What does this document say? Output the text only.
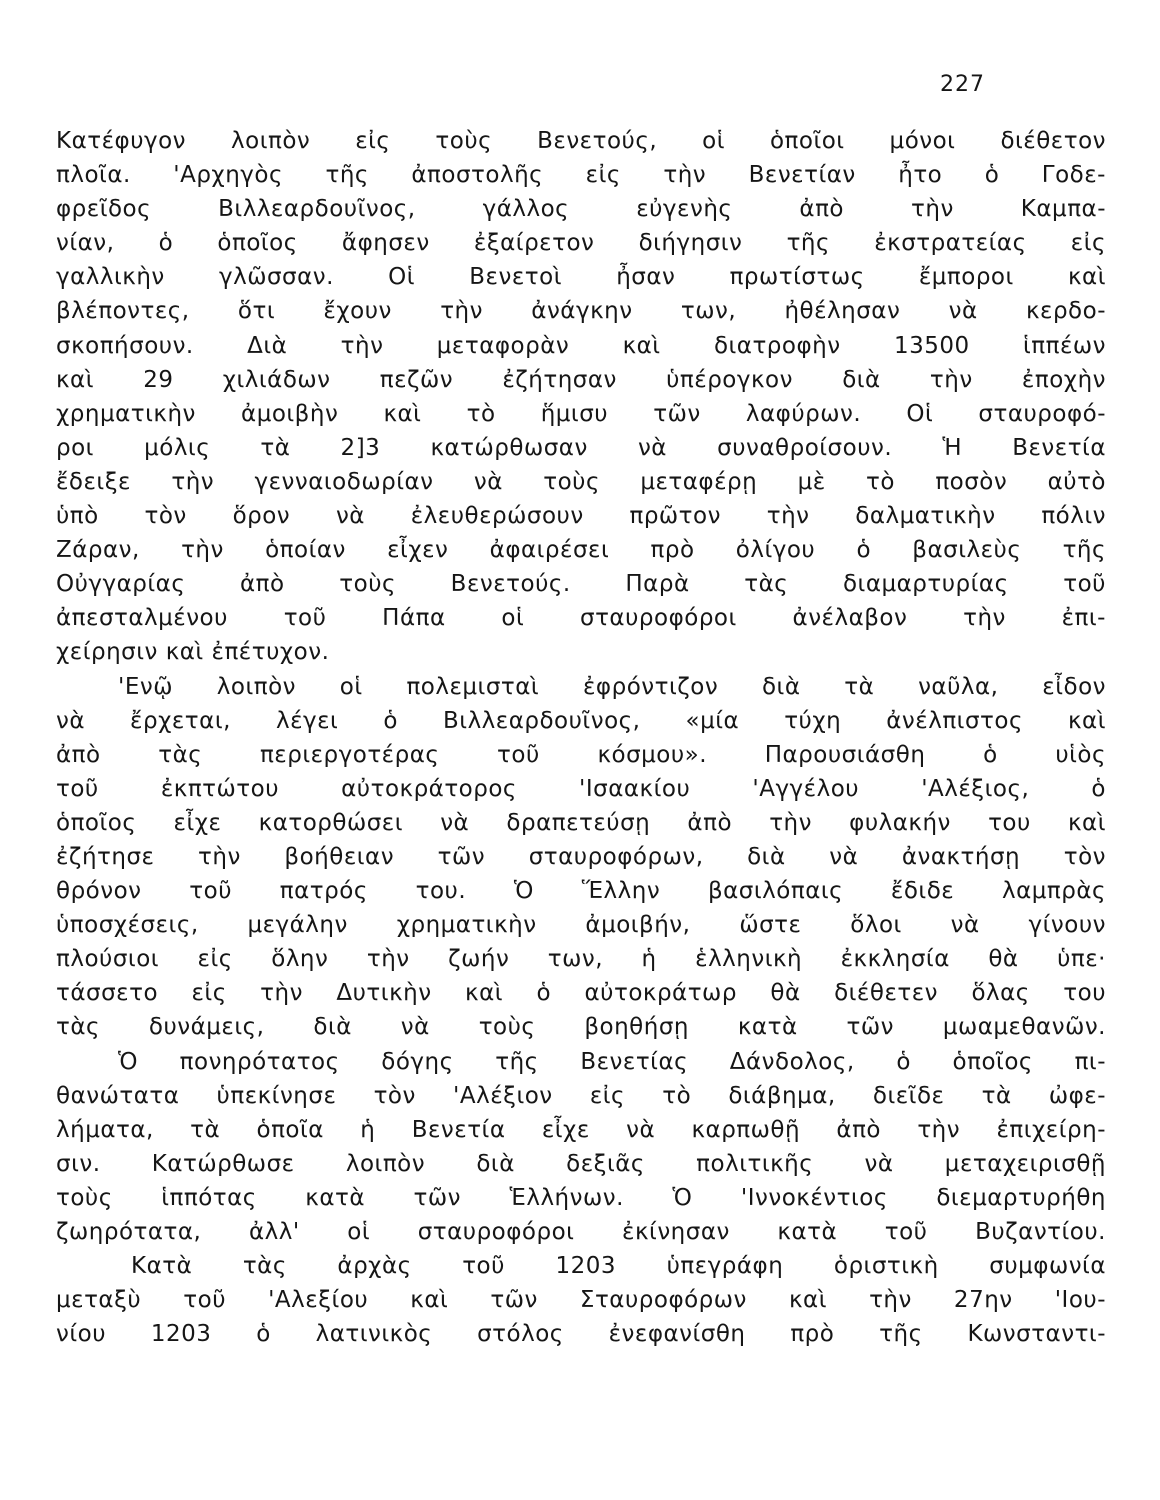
227
Κατέφυγον λοιπὸν εἰς τοὺς Βενετούς, οἱ ὁποῖοι μόνοι διέθετον
πλοῖα. 'Αρχηγὸς τῆς ἀποστολῆς εἰς τὴν Βενετίαν ἦτο ὁ Γοδε-
φρεῖδος Βιλλεαρδουῖνος, γάλλος εὐγενὴς ἀπὸ τὴν Καμπα-
νίαν, ὁ ὁποῖος ἄφησεν ἐξαίρετον διήγησιν τῆς ἐκστρατείας εἰς
γαλλικὴν γλῶσσαν. Οἱ Βενετοὶ ἦσαν πρωτίστως ἔμποροι καὶ
βλέποντες, ὅτι ἔχουν τὴν ἀνάγκην των, ἠθέλησαν νὰ κερδο-
σκοπήσουν. Διὰ τὴν μεταφορὰν καὶ διατροφὴν 13500 ἱππέων
καὶ 29 χιλιάδων πεζῶν ἐζήτησαν ὑπέρογκον διὰ τὴν ἐποχὴν
χρηματικὴν ἀμοιβὴν καὶ τὸ ἥμισυ τῶν λαφύρων. Οἱ σταυροφό-
ροι μόλις τὰ 2]3 κατώρθωσαν νὰ συναθροίσουν. Ἡ Βενετία
ἔδειξε τὴν γενναιοδωρίαν νὰ τοὺς μεταφέρῃ μὲ τὸ ποσὸν αὐτὸ
ὑπὸ τὸν ὅρον νὰ ἐλευθερώσουν πρῶτον τὴν δαλματικὴν πόλιν
Ζάραν, τὴν ὁποίαν εἶχεν ἀφαιρέσει πρὸ ὀλίγου ὁ βασιλεὺς τῆς
Οὐγγαρίας ἀπὸ τοὺς Βενετούς. Παρὰ τὰς διαμαρτυρίας τοῦ
ἀπεσταλμένου τοῦ Πάπα οἱ σταυροφόροι ἀνέλαβον τὴν ἐπι-
χείρησιν καὶ ἐπέτυχον.
'Ενῷ λοιπὸν οἱ πολεμισταὶ ἐφρόντιζον διὰ τὰ ναῦλα, εἶδον
νὰ ἔρχεται, λέγει ὁ Βιλλεαρδουῖνος, «μία τύχη ἀνέλπιστος καὶ
ἀπὸ τὰς περιεργοτέρας τοῦ κόσμου». Παρουσιάσθη ὁ υἱὸς
τοῦ ἐκπτώτου αὐτοκράτορος 'Ισαακίου 'Αγγέλου 'Αλέξιος, ὁ
ὁποῖος εἶχε κατορθώσει νὰ δραπετεύσῃ ἀπὸ τὴν φυλακήν του καὶ
ἐζήτησε τὴν βοήθειαν τῶν σταυροφόρων, διὰ νὰ ἀνακτήσῃ τὸν
θρόνον τοῦ πατρός του. Ὁ Ἕλλην βασιλόπαις ἔδιδε λαμπρὰς
ὑποσχέσεις, μεγάλην χρηματικὴν ἀμοιβήν, ὥστε ὅλοι νὰ γίνουν
πλούσιοι εἰς ὅλην τὴν ζωήν των, ἡ ἑλληνικὴ ἐκκλησία θὰ ὑπε·
τάσσετο εἰς τὴν Δυτικὴν καὶ ὁ αὐτοκράτωρ θὰ διέθετεν ὅλας του
τὰς δυνάμεις, διὰ νὰ τοὺς βοηθήσῃ κατὰ τῶν μωαμεθανῶν.
Ὁ πονηρότατος δόγης τῆς Βενετίας Δάνδολος, ὁ ὁποῖος πι-
θανώτατα ὑπεκίνησε τὸν 'Αλέξιον εἰς τὸ διάβημα, διεῖδε τὰ ὠφε-
λήματα, τὰ ὁποῖα ἡ Βενετία εἶχε νὰ καρπωθῇ ἀπὸ τὴν ἐπιχείρη-
σιν. Κατώρθωσε λοιπὸν διὰ δεξιᾶς πολιτικῆς νὰ μεταχειρισθῇ
τοὺς ἱππότας κατὰ τῶν Ἑλλήνων. Ὁ 'Ιννοκέντιος διεμαρτυρήθη
ζωηρότατα, ἀλλ' οἱ σταυροφόροι ἐκίνησαν κατὰ τοῦ Βυζαντίου.
Κατὰ τὰς ἀρχὰς τοῦ 1203 ὑπεγράφη ὁριστικὴ συμφωνία
μεταξὺ τοῦ 'Αλεξίου καὶ τῶν Σταυροφόρων καὶ τὴν 27ην 'Ιου-
νίου 1203 ὁ λατινικὸς στόλος ἐνεφανίσθη πρὸ τῆς Κωνσταντι-
